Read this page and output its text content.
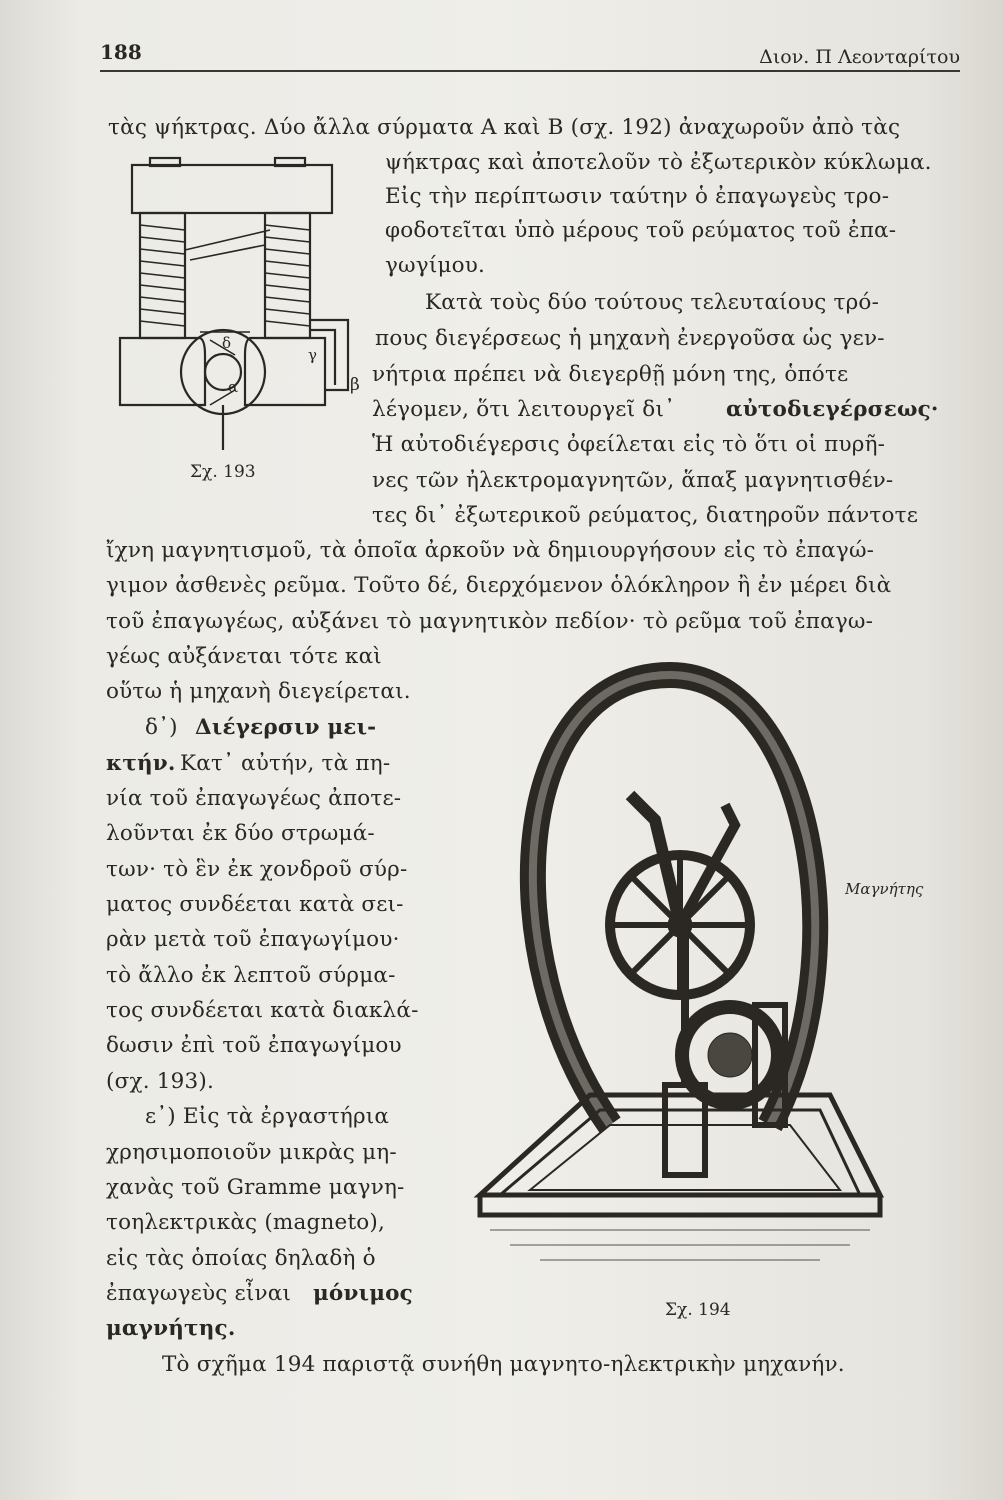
188	Διον. Π Λεονταρίτου
δ
γ
α	β
Σχ. 193
Μαγνήτης
Σχ. 194
τὰς ψήκτρας. Δύο ἄλλα σύρματα Α καὶ Β (σχ. 192) ἀναχωροῦν ἀπὸ τὰς
ψήκτρας καὶ ἀποτελοῦν τὸ ἐξωτερικὸν κύκλωμα.
Εἰς τὴν περίπτωσιν ταύτην ὁ ἐπαγωγεὺς τρο-
φοδοτεῖται ὑπὸ μέρους τοῦ ρεύματος τοῦ ἐπα-
γωγίμου.
Κατὰ τοὺς δύο τούτους τελευταίους τρό-
πους διεγέρσεως ἡ μηχανὴ ἐνεργοῦσα ὡς γεν-
νήτρια πρέπει νὰ διεγερθῇ μόνη της, ὁπότε
λέγομεν, ὅτι λειτουργεῖ δι᾽ αὐτοδιεγέρσεως·
Ἡ αὐτοδιέγερσις ὀφείλεται εἰς τὸ ὅτι οἱ πυρῆ-
νες τῶν ἠλεκτρομαγνητῶν, ἅπαξ μαγνητισθέν-
τες δι᾽ ἐξωτερικοῦ ρεύματος, διατηροῦν πάντοτε
ἴχνη μαγνητισμοῦ, τὰ ὁποῖα ἀρκοῦν νὰ δημιουργήσουν εἰς τὸ ἐπαγώ-
γιμον ἀσθενὲς ρεῦμα. Τοῦτο δέ, διερχόμενον ὁλόκληρον ἢ ἐν μέρει διὰ
τοῦ ἐπαγωγέως, αὐξάνει τὸ μαγνητικὸν πεδίον· τὸ ρεῦμα τοῦ ἐπαγω-
γέως αὐξάνεται τότε καὶ
οὕτω ἡ μηχανὴ διεγείρεται.
δ᾽) Διέγερσιν μει-
κτήν. Κατ᾽ αὐτήν, τὰ πη-
νία τοῦ ἐπαγωγέως ἀποτε-
λοῦνται ἐκ δύο στρωμά-
των· τὸ ἓν ἐκ χονδροῦ σύρ-
ματος συνδέεται κατὰ σει-
ρὰν μετὰ τοῦ ἐπαγωγίμου·
τὸ ἄλλο ἐκ λεπτοῦ σύρμα-
τος συνδέεται κατὰ διακλά-
δωσιν ἐπὶ τοῦ ἐπαγωγίμου
(σχ. 193).
ε᾽) Εἰς τὰ ἐργαστήρια
χρησιμοποιοῦν μικρὰς μη-
χανὰς τοῦ Gramme μαγνη-
τοηλεκτρικὰς (magneto),
εἰς τὰς ὁποίας δηλαδὴ ὁ
ἐπαγωγεὺς εἶναι μόνιμος
μαγνήτης.
Τὸ σχῆμα 194 παριστᾷ συνήθη μαγνητο-ηλεκτρικὴν μηχανήν.
